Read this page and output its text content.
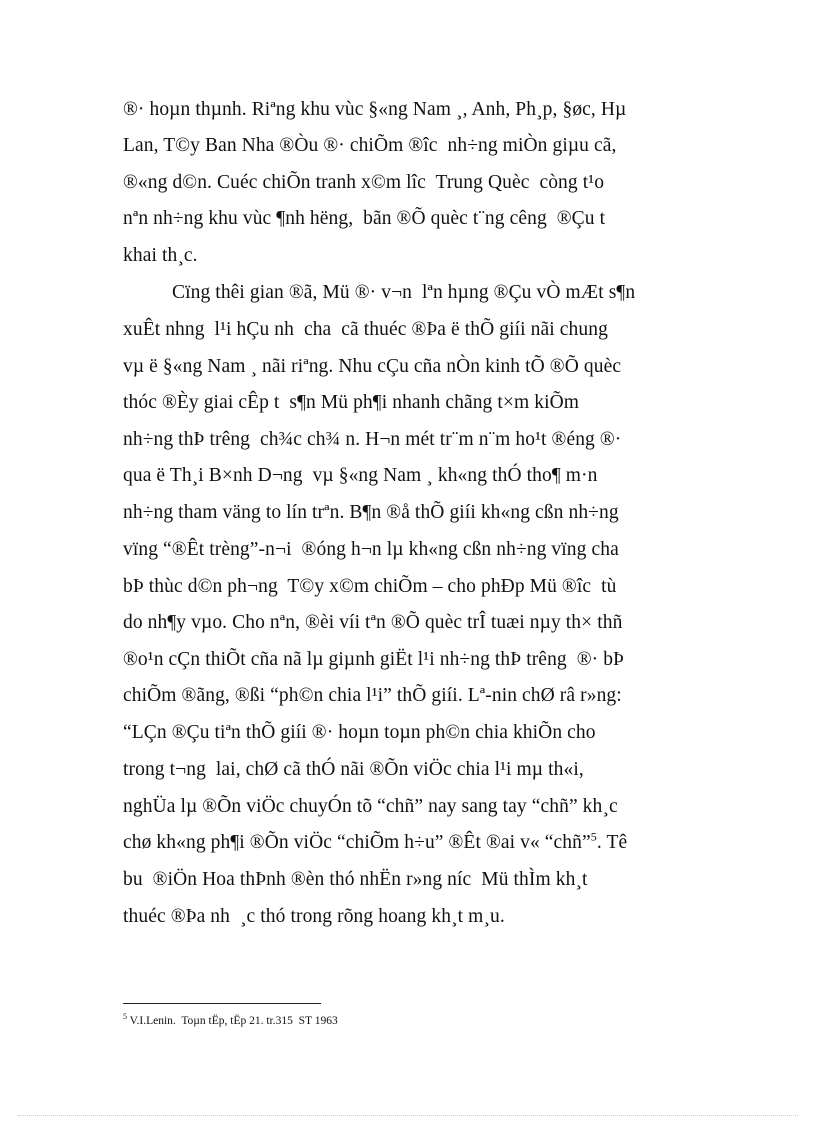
®· hoµn thµnh. Riªng khu vùc §«ng Nam ¸, Anh, Ph¸p, §øc, Hµ
Lan, T©y Ban Nha ®Òu ®· chiÕm ®îc  nh÷ng miÒn giµu cã,
®«ng d©n. Cuéc chiÕn tranh x©m lîc  Trung Quèc  còng t¹o
nªn nh÷ng khu vùc ¶nh hëng,  bãn ®Õ quèc t¨ng cêng  ®Çu t
khai th¸c.
Cïng thêi gian ®ã, Mü ®· v¬n  lªn hµng ®Çu vÒ mÆt s¶n
xuÊt nhng  l¹i hÇu nh  cha  cã thuéc ®Þa ë thÕ giíi nãi chung
vµ ë §«ng Nam ¸ nãi riªng. Nhu cÇu cña nÒn kinh tÕ ®Õ quèc
thóc ®Èy giai cÊp t  s¶n Mü ph¶i nhanh chãng t×m kiÕm
nh÷ng thÞ trêng  ch¾c ch¾ n. H¬n mét tr¨m n¨m ho¹t ®éng ®·
qua ë Th¸i B×nh D¬ng  vµ §«ng Nam ¸ kh«ng thÓ tho¶ m·n
nh÷ng tham väng to lín trªn. B¶n ®å thÕ giíi kh«ng cßn nh÷ng
vïng “®Êt trèng”-n¬i  ®óng h¬n lµ kh«ng cßn nh÷ng vïng cha
bÞ thùc d©n ph¬ng  T©y x©m chiÕm – cho phÐp Mü ®îc  tù
do nh¶y vµo. Cho nªn, ®èi víi tªn ®Õ quèc trÎ tuæi nµy th× thñ
®o¹n cÇn thiÕt cña nã lµ giµnh giËt l¹i nh÷ng thÞ trêng  ®· bÞ
chiÕm ®ãng, ®ßi “ph©n chia l¹i” thÕ giíi. Lª-nin chØ râ r»ng:
“LÇn ®Çu tiªn thÕ giíi ®· hoµn toµn ph©n chia khiÕn cho
trong t¬ng  lai, chØ cã thÓ nãi ®Õn viÖc chia l¹i mµ th«i,
nghÜa lµ ®Õn viÖc chuyÓn tõ “chñ” nay sang tay “chñ” kh¸c
chø kh«ng ph¶i ®Õn viÖc “chiÕm h÷u” ®Êt ®ai v« “chñ”$^5$. Tê
bu  ®iÖn Hoa thÞnh ®èn thó nhËn r»ng níc  Mü thÌm kh¸t
thuéc ®Þa nh  ¸c thó trong rõng hoang kh¸t m¸u.
$^5$ V.I.Lenin.  Toµn tËp, tËp 21. tr.315  ST 1963
